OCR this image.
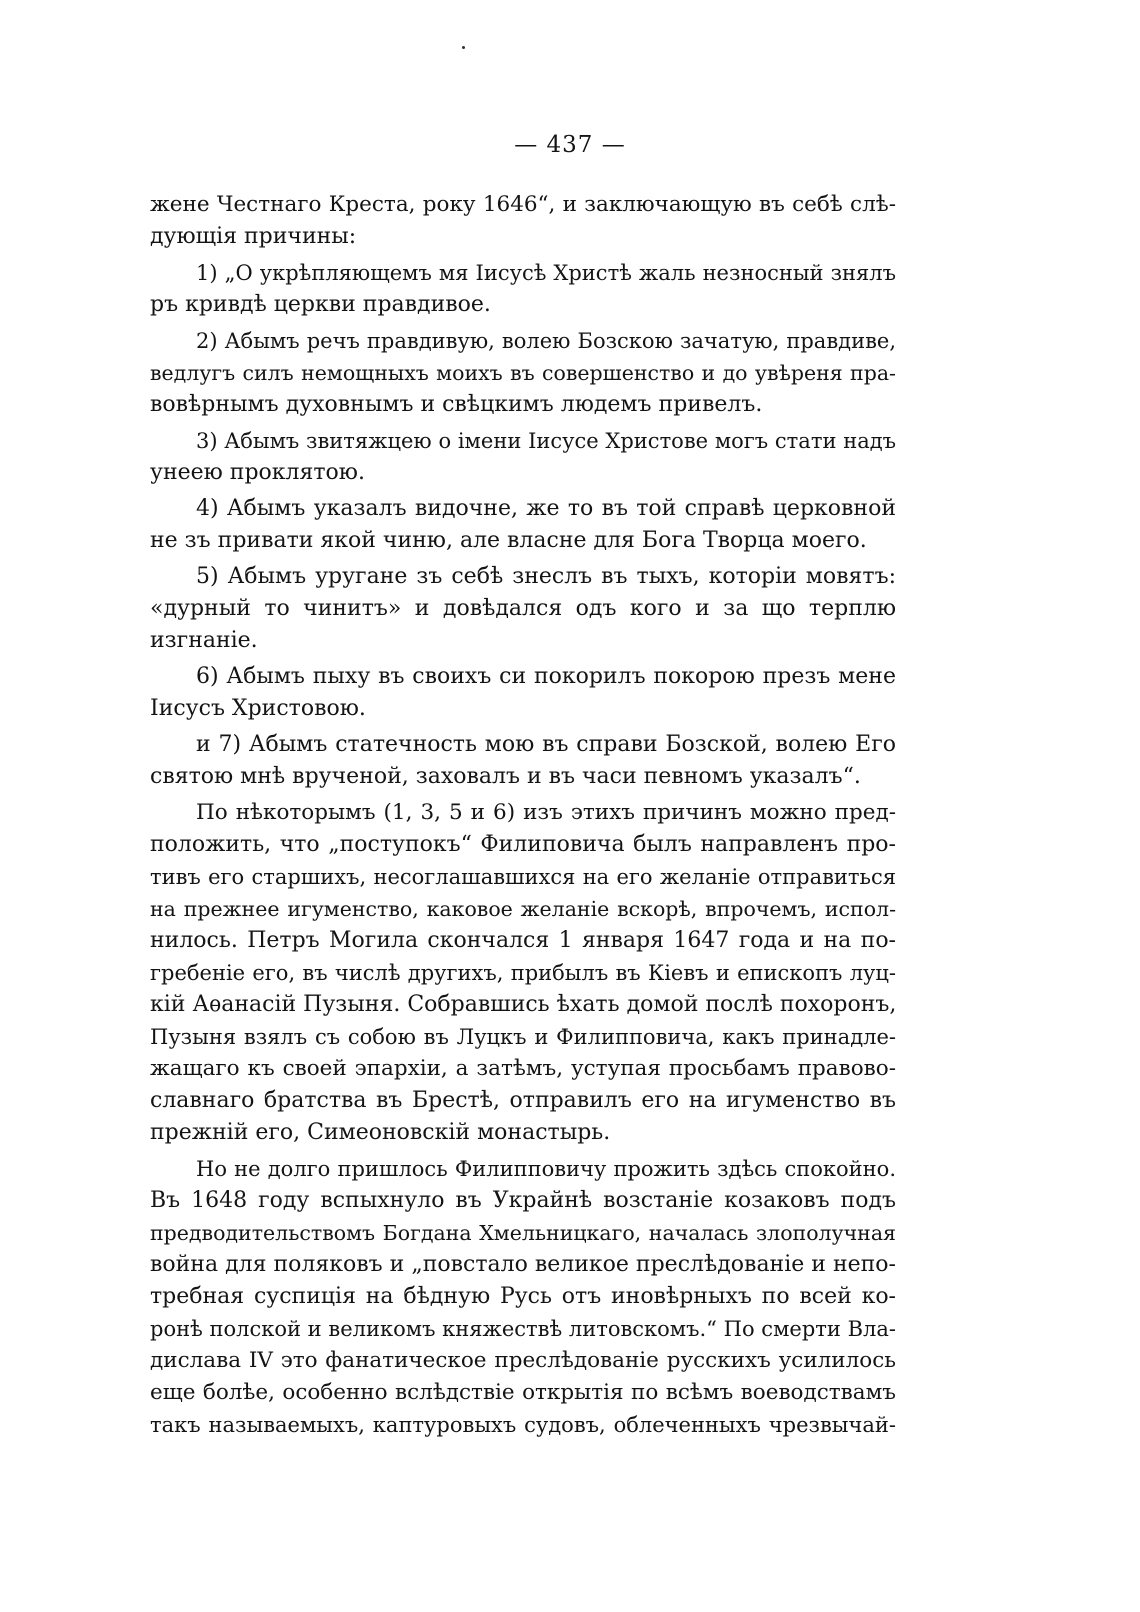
— 437 —
жене Честнаго Креста, року 1646“, и заключающую въ себѣ слѣ-
дующія причины:
1) „О укрѣпляющемъ мя Іисусѣ Христѣ жаль незносный знялъ
ръ кривдѣ церкви правдивое.
2) Абымъ речъ правдивую, волею Бозскою зачатую, правдиве,
ведлугъ силъ немощныхъ моихъ въ совершенство и до увѣреня пра-
вовѣрнымъ духовнымъ и свѣцкимъ людемъ привелъ.
3) Абымъ звитяжцею о імени Іисусе Христове могъ стати надъ
унеею проклятою.
4) Абымъ указалъ видочне, же то въ той справѣ церковной
не зъ привати якой чиню, але власне для Бога Творца моего.
5) Абымъ уругане зъ себѣ знеслъ въ тыхъ, которіи мовятъ:
«дурный то чинитъ» и довѣдался одъ кого и за що терплю
изгнаніе.
6) Абымъ пыху въ своихъ си покорилъ покорою презъ мене
Іисусъ Христовою.
и 7) Абымъ статечность мою въ справи Бозской, волею Его
святою мнѣ врученой, заховалъ и въ часи певномъ указалъ“.
По нѣкоторымъ (1, 3, 5 и 6) изъ этихъ причинъ можно пред-
положить, что „поступокъ“ Филиповича былъ направленъ про-
тивъ его старшихъ, несоглашавшихся на его желаніе отправиться
на прежнее игуменство, каковое желаніе вскорѣ, впрочемъ, испол-
нилось. Петръ Могила скончался 1 января 1647 года и на по-
гребеніе его, въ числѣ другихъ, прибылъ въ Кіевъ и епископъ луц-
кій Аѳанасій Пузыня. Собравшись ѣхать домой послѣ похоронъ,
Пузыня взялъ съ собою въ Луцкъ и Филипповича, какъ принадле-
жащаго къ своей эпархіи, а затѣмъ, уступая просьбамъ правово-
славнаго братства въ Брестѣ, отправилъ его на игуменство въ
прежній его, Симеоновскій монастырь.
Но не долго пришлось Филипповичу прожить здѣсь спокойно.
Въ 1648 году вспыхнуло въ Украйнѣ возстаніе козаковъ подъ
предводительствомъ Богдана Хмельницкаго, началась злополучная
война для поляковъ и „повстало великое преслѣдованіе и непо-
требная суспиція на бѣдную Русь отъ иновѣрныхъ по всей ко-
ронѣ полской и великомъ княжествѣ литовскомъ.“ По смерти Вла-
дислава IV это фанатическое преслѣдованіе русскихъ усилилось
еще болѣе, особенно вслѣдствіе открытія по всѣмъ воеводствамъ
такъ называемыхъ, каптуровыхъ судовъ, облеченныхъ чрезвычай-
